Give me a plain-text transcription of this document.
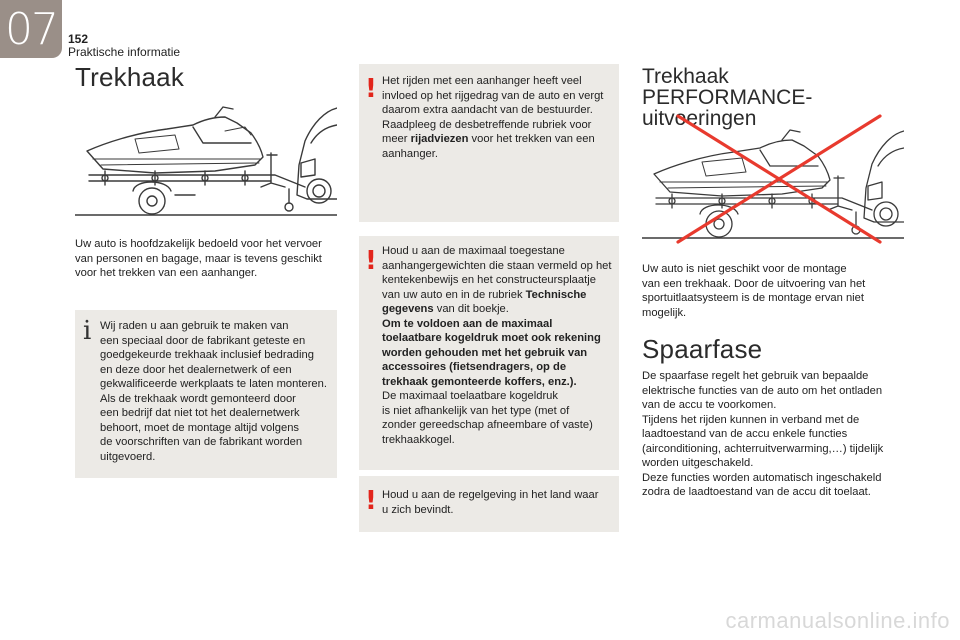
07 152
Praktische informatie
Trekhaak

Uw auto is hoofdzakelijk bedoeld voor het vervoer van personen en bagage, maar is tevens geschikt voor het trekken van een aanhanger.

i Wij raden u aan gebruik te maken van
een speciaal door de fabrikant geteste en
goedgekeurde trekhaak inclusief bedrading
en deze door het dealernetwerk of een
gekwalificeerde werkplaats te laten monteren.
Als de trekhaak wordt gemonteerd door
een bedrijf dat niet tot het dealernetwerk
behoort, moet de montage altijd volgens
de voorschriften van de fabrikant worden
uitgevoerd.
! Het rijden met een aanhanger heeft veel
invloed op het rijgedrag van de auto en vergt
daarom extra aandacht van de bestuurder.
Raadpleeg de desbetreffende rubriek voor
meer rijadviezen voor het trekken van een
aanhanger.
! Houd u aan de maximaal toegestane
aanhangergewichten die staan vermeld op het
kentekenbewijs en het constructeursplaatje
van uw auto en in de rubriek Technische
gegevens van dit boekje.
Om te voldoen aan de maximaal
toelaatbare kogeldruk moet ook rekening
worden gehouden met het gebruik van
accessoires (fietsendragers, op de
trekhaak gemonteerde koffers, enz.).
De maximaal toelaatbare kogeldruk
is niet afhankelijk van het type (met of
zonder gereedschap afneembare of vaste)
trekhaakkogel.
! Houd u aan de regelgeving in het land waar
u zich bevindt.
Trekhaak PERFORMANCE-
uitvoeringen
Uw auto is niet geschikt voor de montage
van een trekhaak. Door de uitvoering van het
sportuitlaatsysteem is de montage ervan niet
mogelijk.
Spaarfase
De spaarfase regelt het gebruik van bepaalde
elektrische functies van de auto om het ontladen
van de accu te voorkomen.
Tijdens het rijden kunnen in verband met de
laadtoestand van de accu enkele functies
(airconditioning, achterruitverwarming,…) tijdelijk
worden uitgeschakeld.
Deze functies worden automatisch ingeschakeld
zodra de laadtoestand van de accu dit toelaat.
carmanualsonline.info
